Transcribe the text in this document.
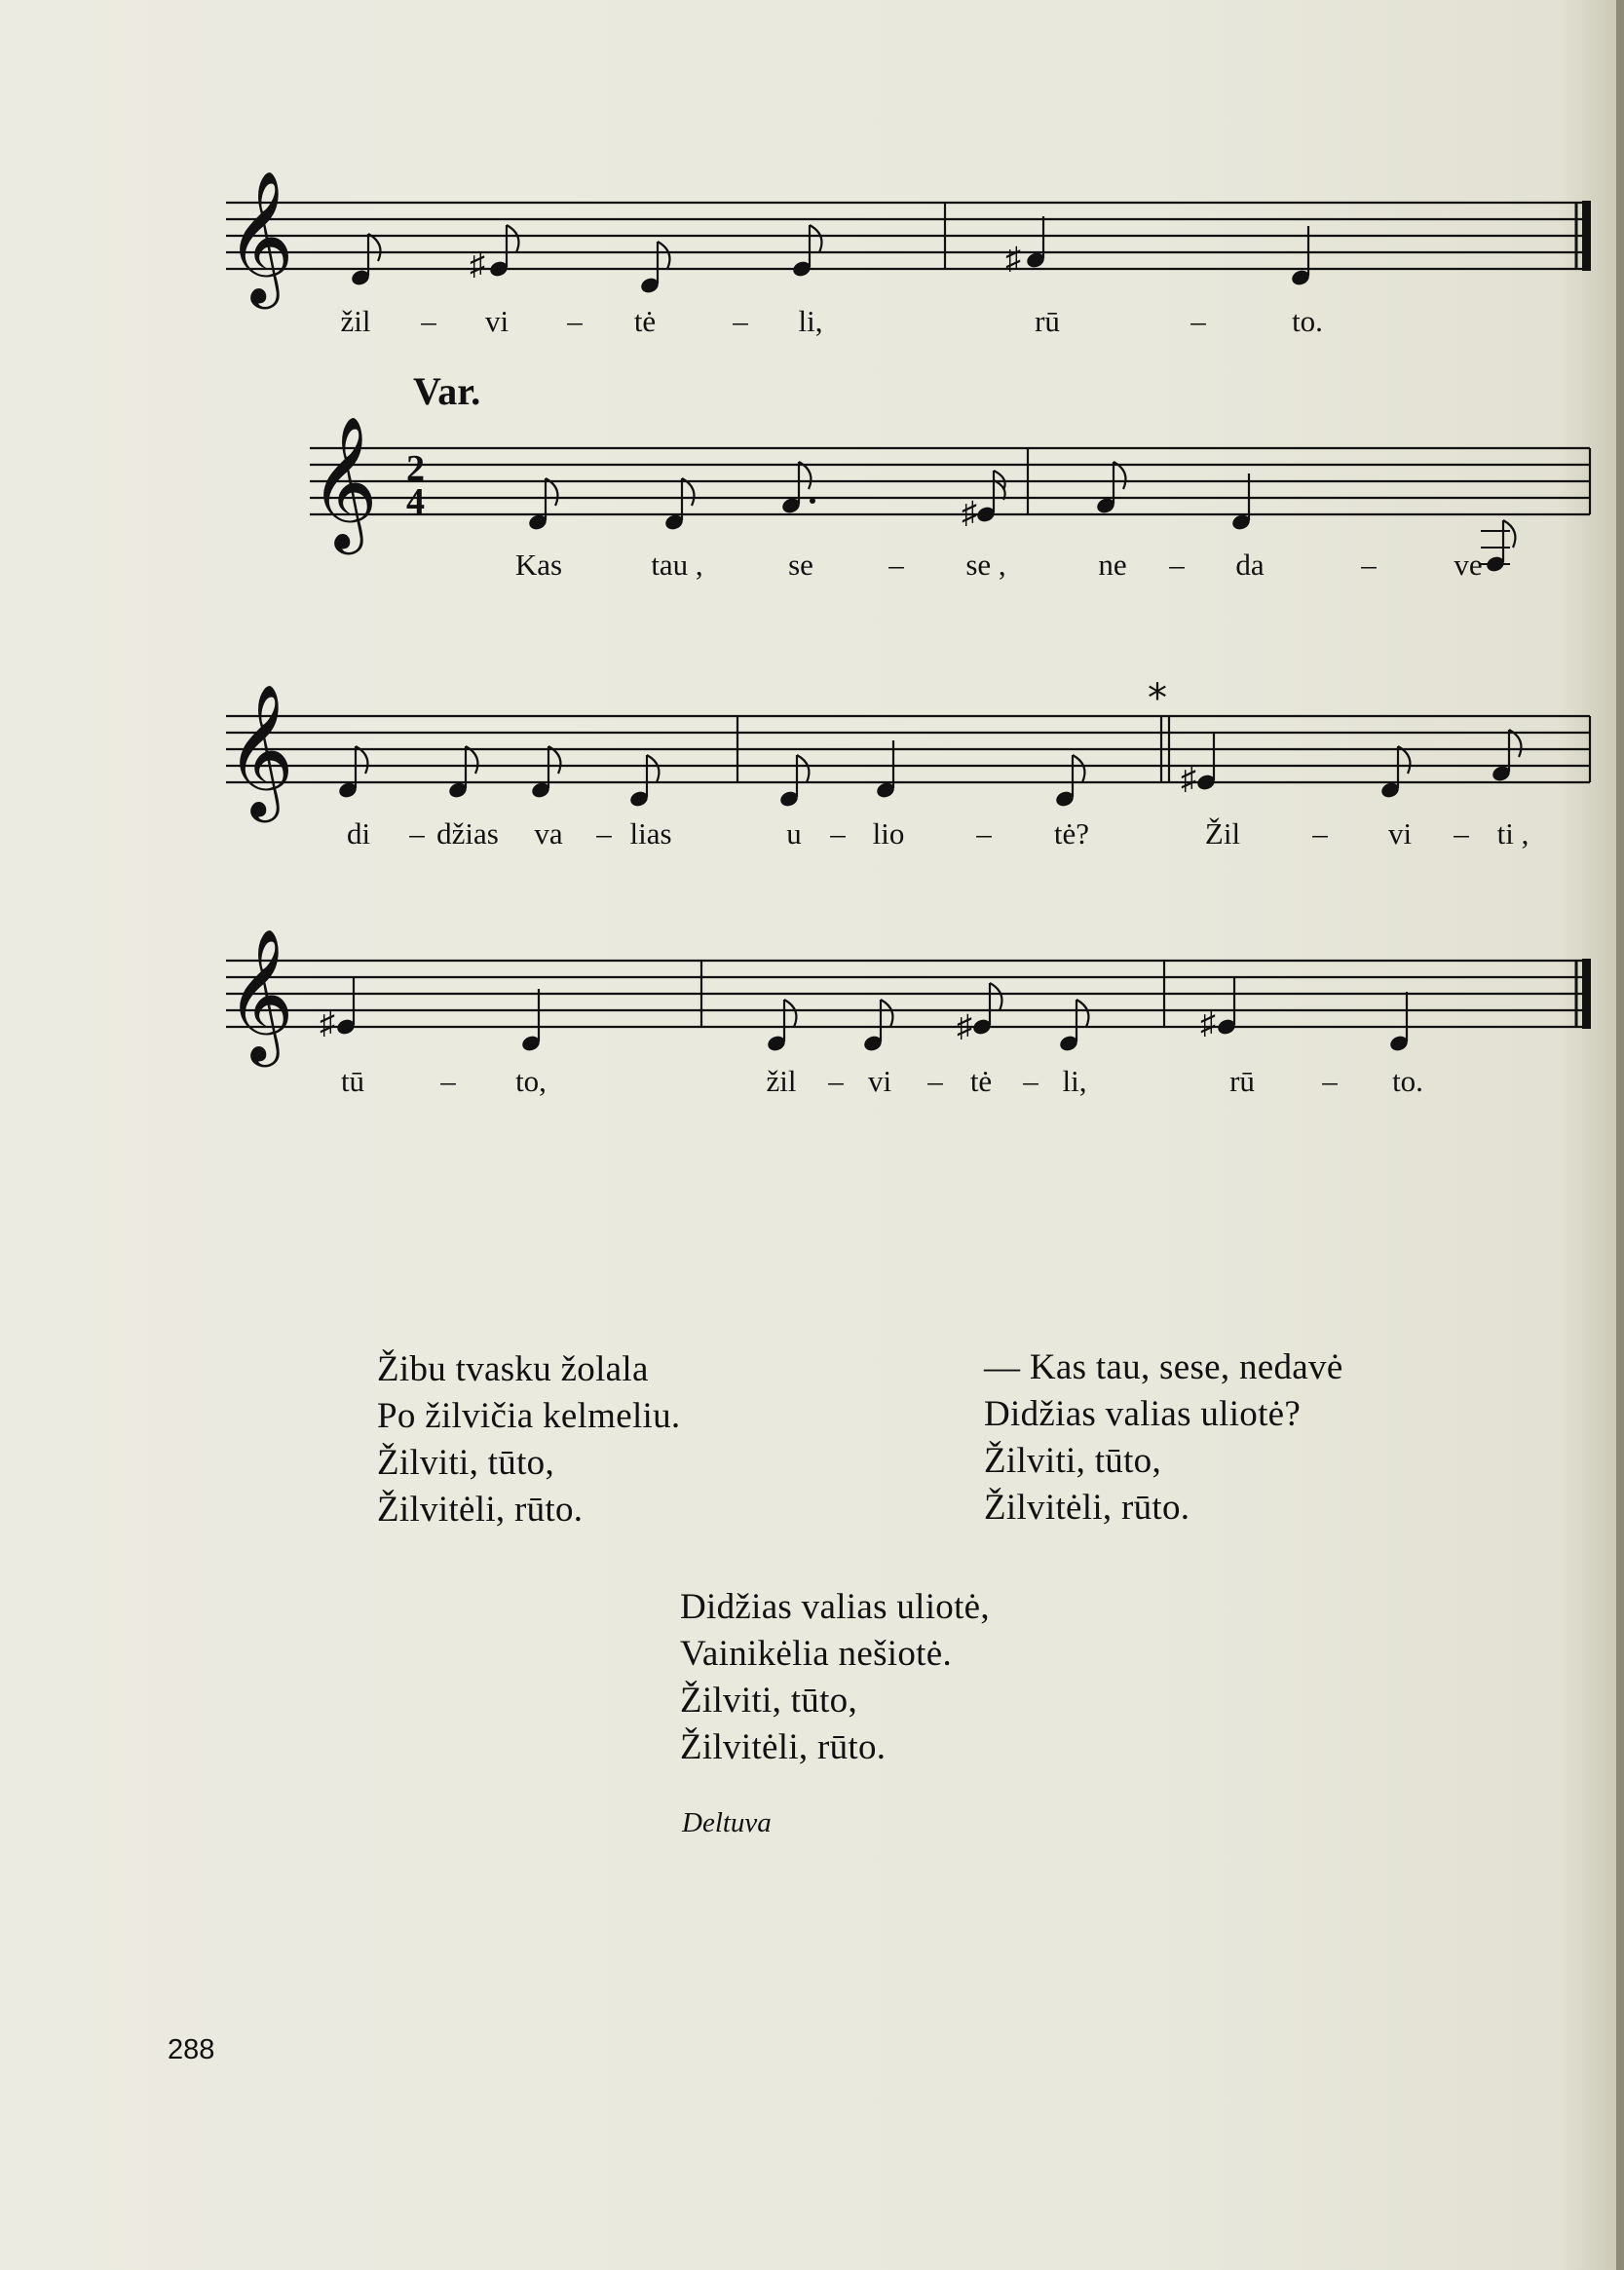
𝄞	♯	♯
žil – vi – tė	– li,	rū	–	to.
Var.
𝄞 2
4	♯
Kas	tau ,	se – se ,	ne – da	–	ve
𝄞	*
♯
di – džias va – lias	u – lio – tė?	Žil – vi – ti ,
𝄞 ♯	♯	♯
tū	– to,	žil – vi – tė – li,	rū – to.
Žibu tvasku žolala
Po žilvičia kelmeliu.
Žilviti, tūto,
Žilvitėli, rūto.
— Kas tau, sese, nedavė
Didžias valias uliotė?
Žilviti, tūto,
Žilvitėli, rūto.
Didžias valias uliotė,
Vainikėlia nešiotė.
Žilviti, tūto,
Žilvitėli, rūto.
Deltuva
288
